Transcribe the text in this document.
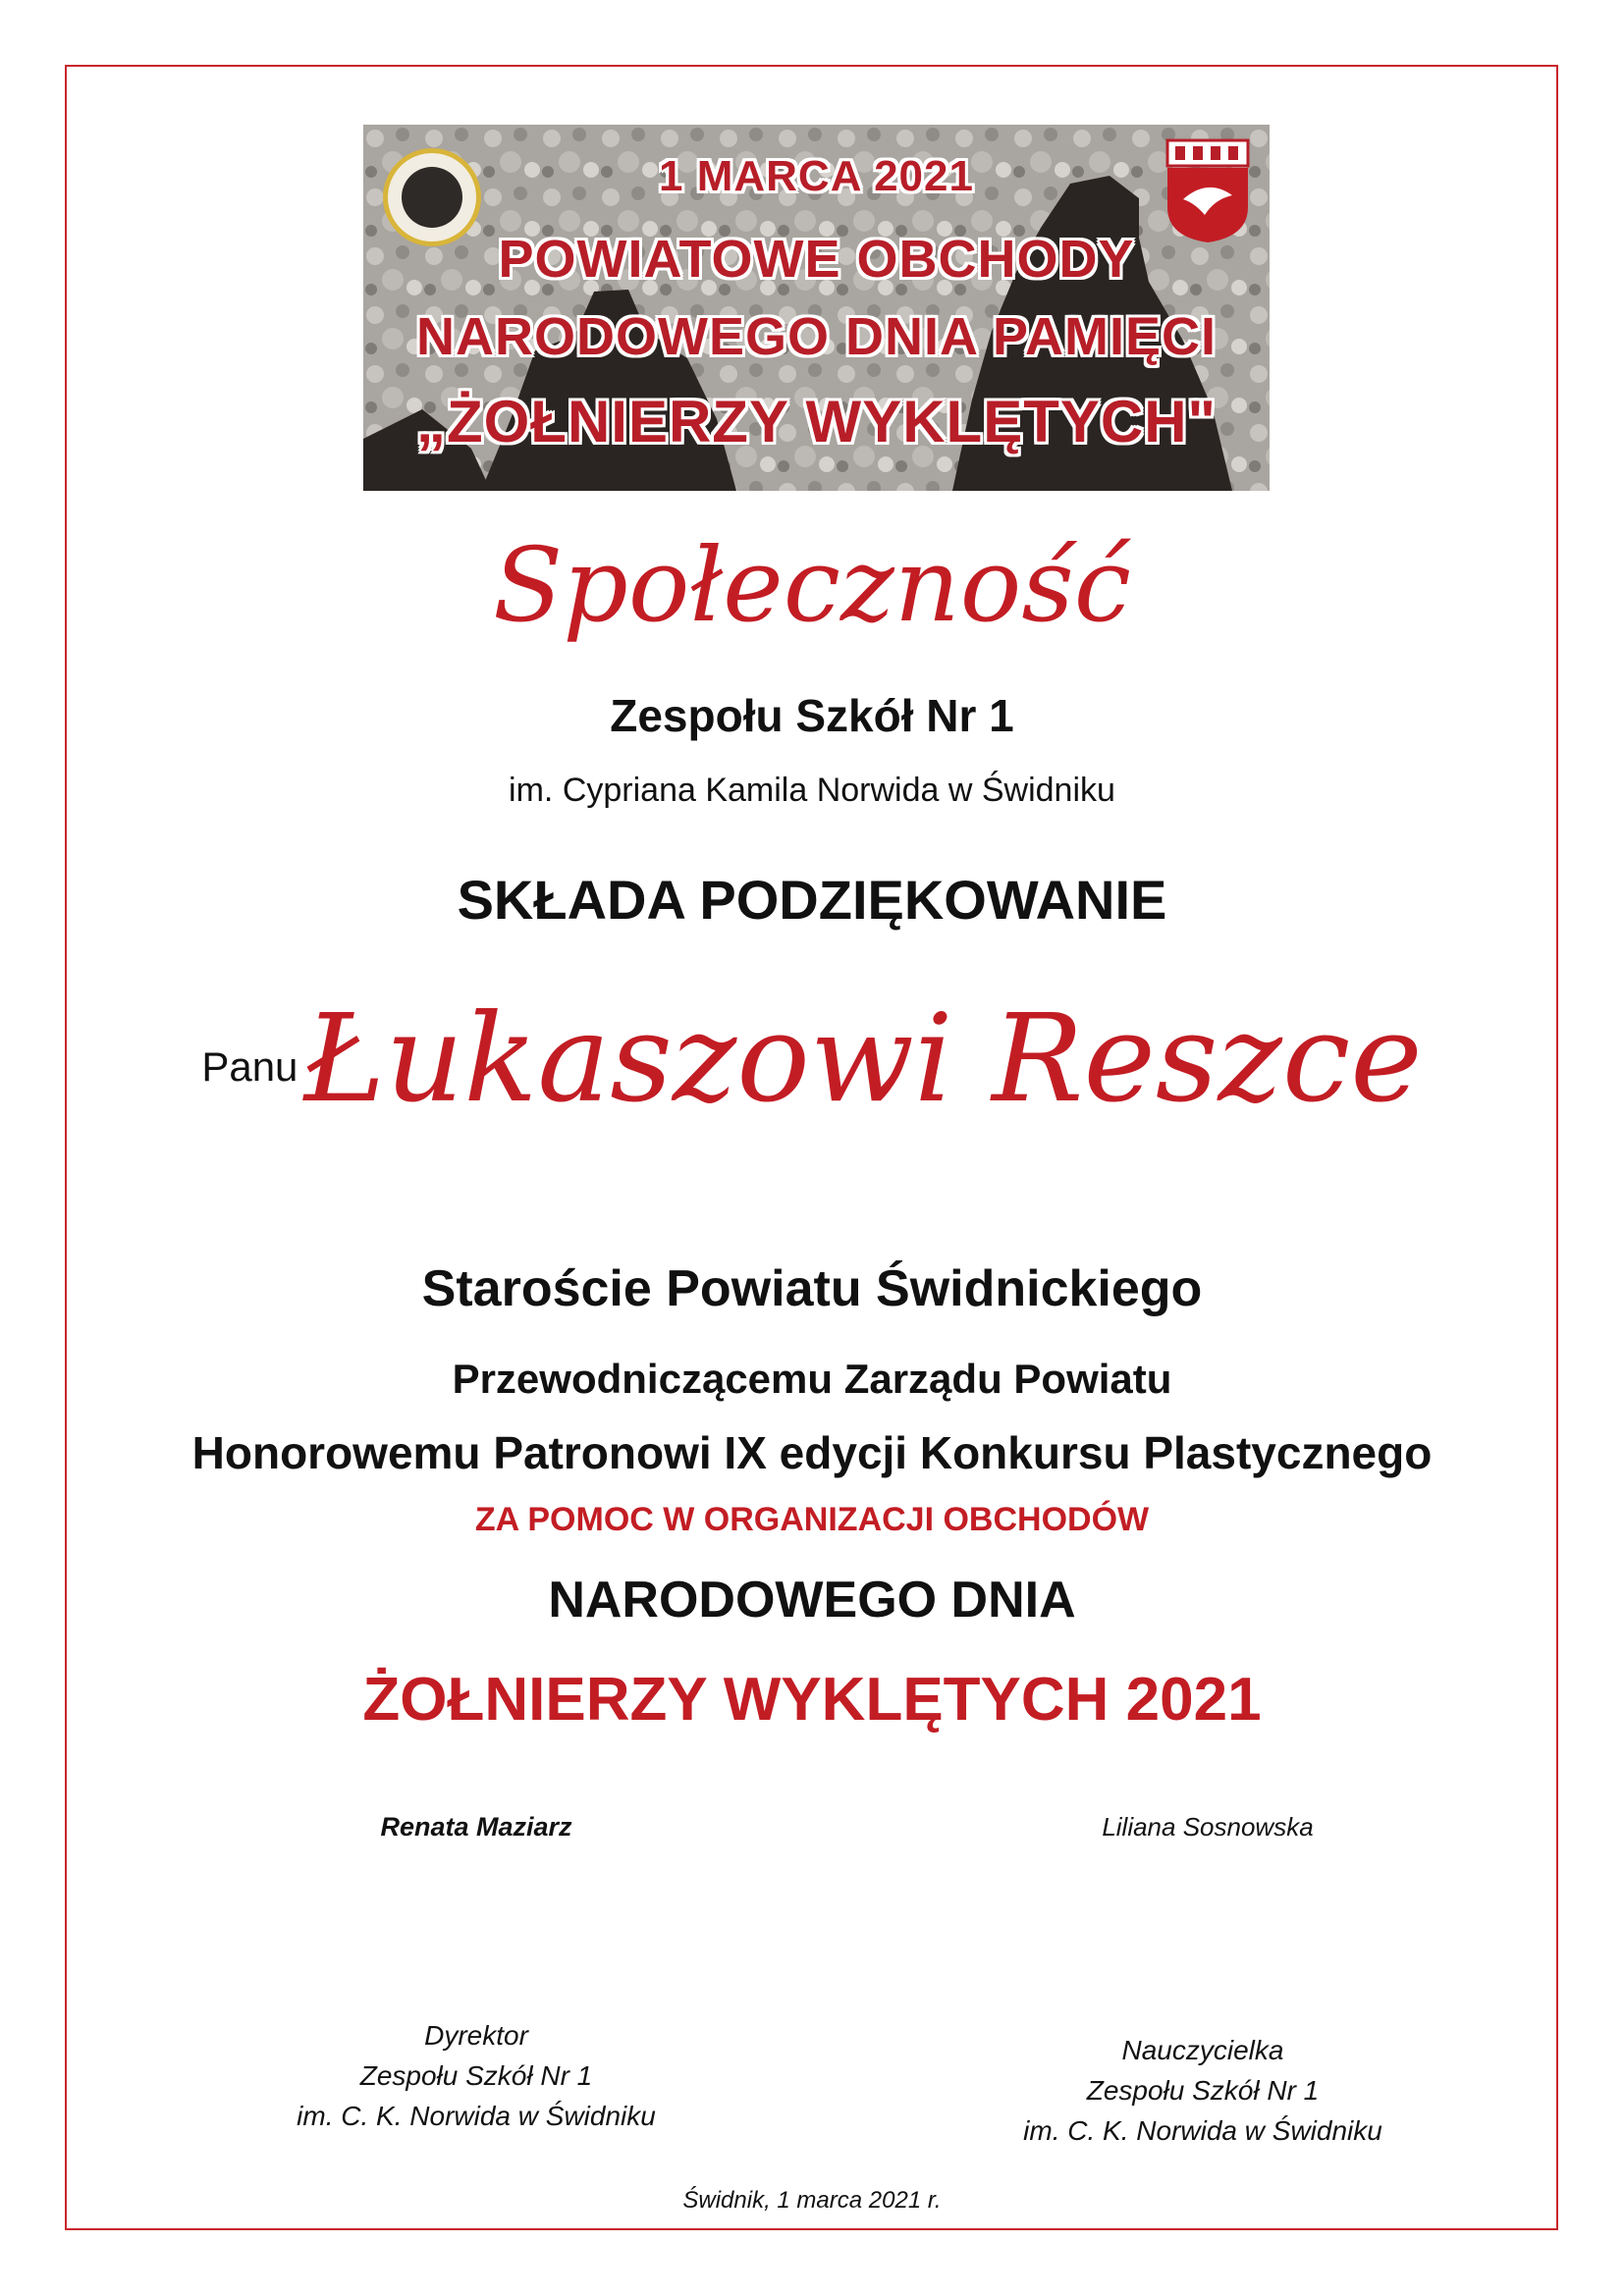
1 MARCA 2021
POWIATOWE OBCHODY
NARODOWEGO DNIA PAMIĘCI
„ŻOŁNIERZY WYKLĘTYCH"
Społeczność
Zespołu Szkół Nr 1
im. Cypriana Kamila Norwida w Świdniku
SKŁADA PODZIĘKOWANIE
PanuŁukaszowi Reszce
Staroście Powiatu Świdnickiego
Przewodniczącemu Zarządu Powiatu
Honorowemu Patronowi IX edycji Konkursu Plastycznego
ZA POMOC W ORGANIZACJI OBCHODÓW
NARODOWEGO DNIA
ŻOŁNIERZY WYKLĘTYCH 2021
Renata Maziarz	Liliana Sosnowska
Dyrektor
Zespołu Szkół Nr 1
im. C. K. Norwida w Świdniku
Nauczycielka
Zespołu Szkół Nr 1
im. C. K. Norwida w Świdniku
Świdnik, 1 marca 2021 r.
